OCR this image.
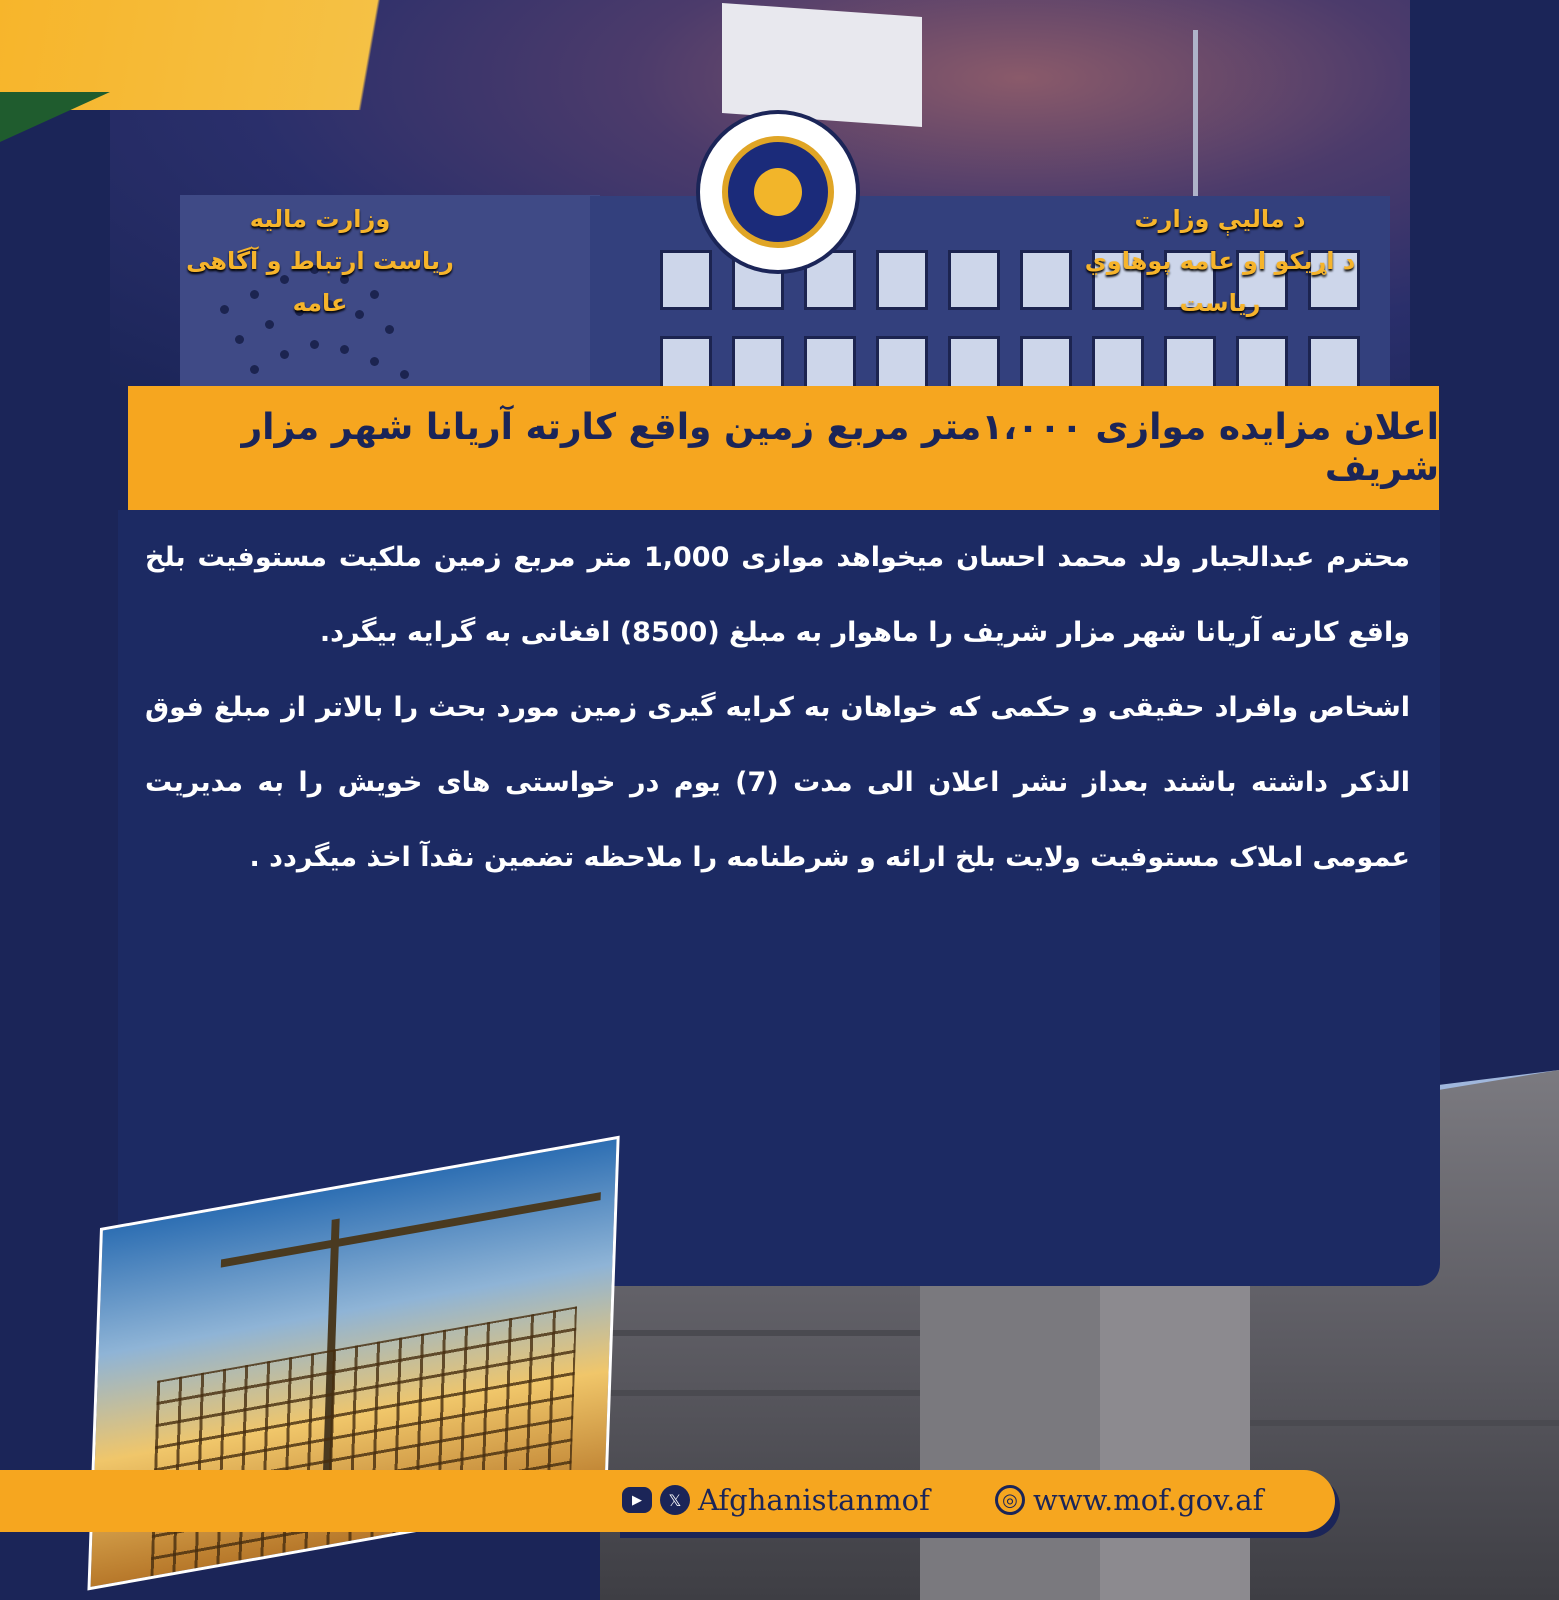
د ماليې وزارت
د اړیکو او عامه پوهاوي ریاست
وزارت مالیه
ریاست ارتباط و آگاهی عامه
اعلان مزایده موازی ۱،۰۰۰متر مربع زمین واقع کارته آریانا شهر مزار شریف

محترم عبدالجبار ولد محمد احسان میخواهد موازی 1,000 متر مربع زمین ملکیت مستوفیت بلخ واقع کارته آریانا شهر مزار شریف را ماهوار به مبلغ (8500) افغانی به گرایه بیگرد.

اشخاص وافراد حقیقی و حکمی که خواهان به کرایه گیری زمین مورد بحث را بالاتر از مبلغ فوق الذکر داشته باشند بعداز نشر اعلان الی مدت (7) یوم در خواستی های خویش را به مدیریت عمومی املاک مستوفیت ولایت بلخ ارائه و شرطنامه را ملاحظه تضمین نقدآ اخذ میگردد .

▶	𝕏 Afghanistanmof	◎ www.mof.gov.af
